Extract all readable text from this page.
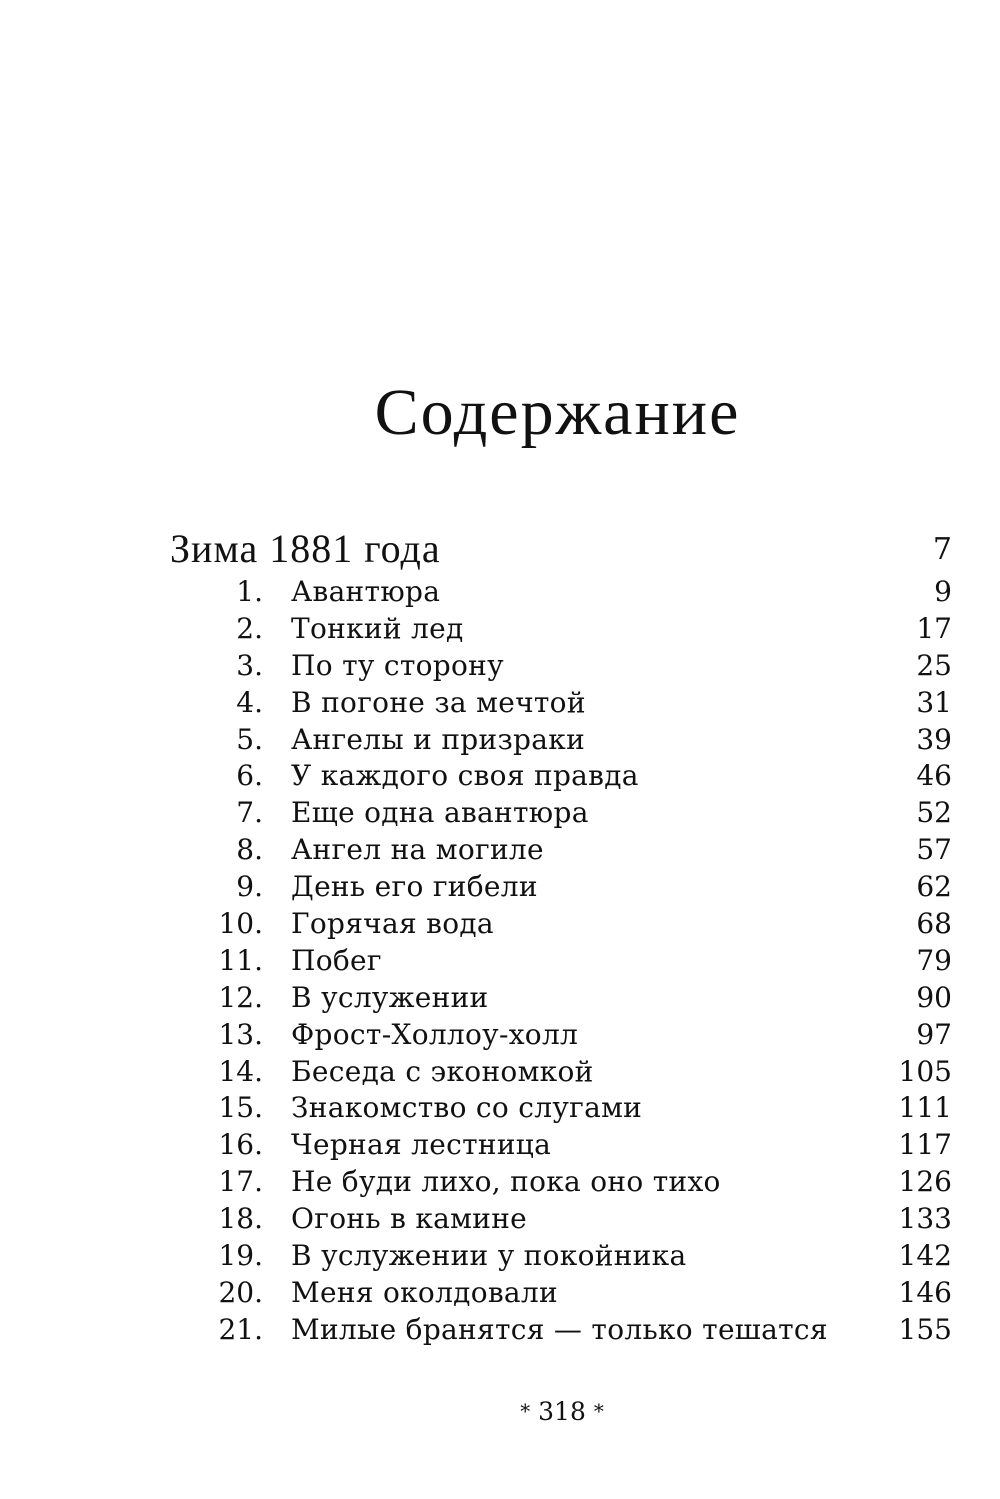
Содержание
Зима 1881 года	7
1. Авантюра	9
2. Тонкий лед	17
3. По ту сторону	25
4. В погоне за мечтой	31
5. Ангелы и призраки	39
6. У каждого своя правда	46
7. Еще одна авантюра	52
8. Ангел на могиле	57
9. День его гибели	62
10. Горячая вода	68
11. Побег	79
12. В услужении	90
13. Фрост-Холлоу-холл	97
14. Беседа с экономкой	105
15. Знакомство со слугами	111
16. Черная лестница	117
17. Не буди лихо, пока оно тихо	126
18. Огонь в камине	133
19. В услужении у покойника	142
20. Меня околдовали	146
21. Милые бранятся — только тешатся	155
* 318 *
